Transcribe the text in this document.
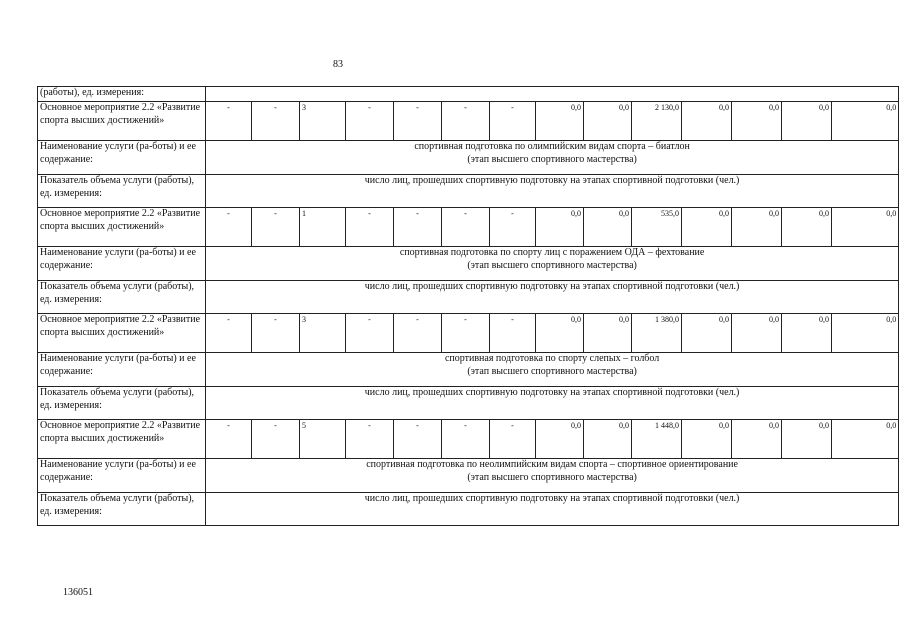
83
(работы), ед. измерения:														
Основное мероприятие 2.2 «Развитие спорта высших достижений»	-	-	3	-	-	-	-	0,0	0,0	2 130,0	0,0	0,0	0,0	0,0
Наименование услуги (ра-боты) и ее содержание:	спортивная подготовка по олимпийским видам спорта – биатлон
(этап высшего спортивного мастерства)													

Показатель объема услуги (работы), ед. измерения:	число лиц, прошедших спортивную подготовку на этапах спортивной подготовки (чел.)													

Основное мероприятие 2.2 «Развитие спорта высших достижений»	-	-	1	-	-	-	-	0,0	0,0	535,0	0,0	0,0	0,0	0,0
Наименование услуги (ра-боты) и ее содержание:	спортивная подготовка по спорту лиц с поражением ОДА – фехтование
(этап высшего спортивного мастерства)													

Показатель объема услуги (работы), ед. измерения:	число лиц, прошедших спортивную подготовку на этапах спортивной подготовки (чел.)													

Основное мероприятие 2.2 «Развитие спорта высших достижений»	-	-	3	-	-	-	-	0,0	0,0	1 380,0	0,0	0,0	0,0	0,0
Наименование услуги (ра-боты) и ее содержание:	спортивная подготовка по спорту слепых – голбол
(этап высшего спортивного мастерства)													

Показатель объема услуги (работы), ед. измерения:	число лиц, прошедших спортивную подготовку на этапах спортивной подготовки (чел.)													

Основное мероприятие 2.2 «Развитие спорта высших достижений»	-	-	5	-	-	-	-	0,0	0,0	1 448,0	0,0	0,0	0,0	0,0
Наименование услуги (ра-боты) и ее содержание:	спортивная подготовка по неолимпийским видам спорта – спортивное ориентирование
(этап высшего спортивного мастерства)													

Показатель объема услуги (работы), ед. измерения:	число лиц, прошедших спортивную подготовку на этапах спортивной подготовки (чел.)													
136051
